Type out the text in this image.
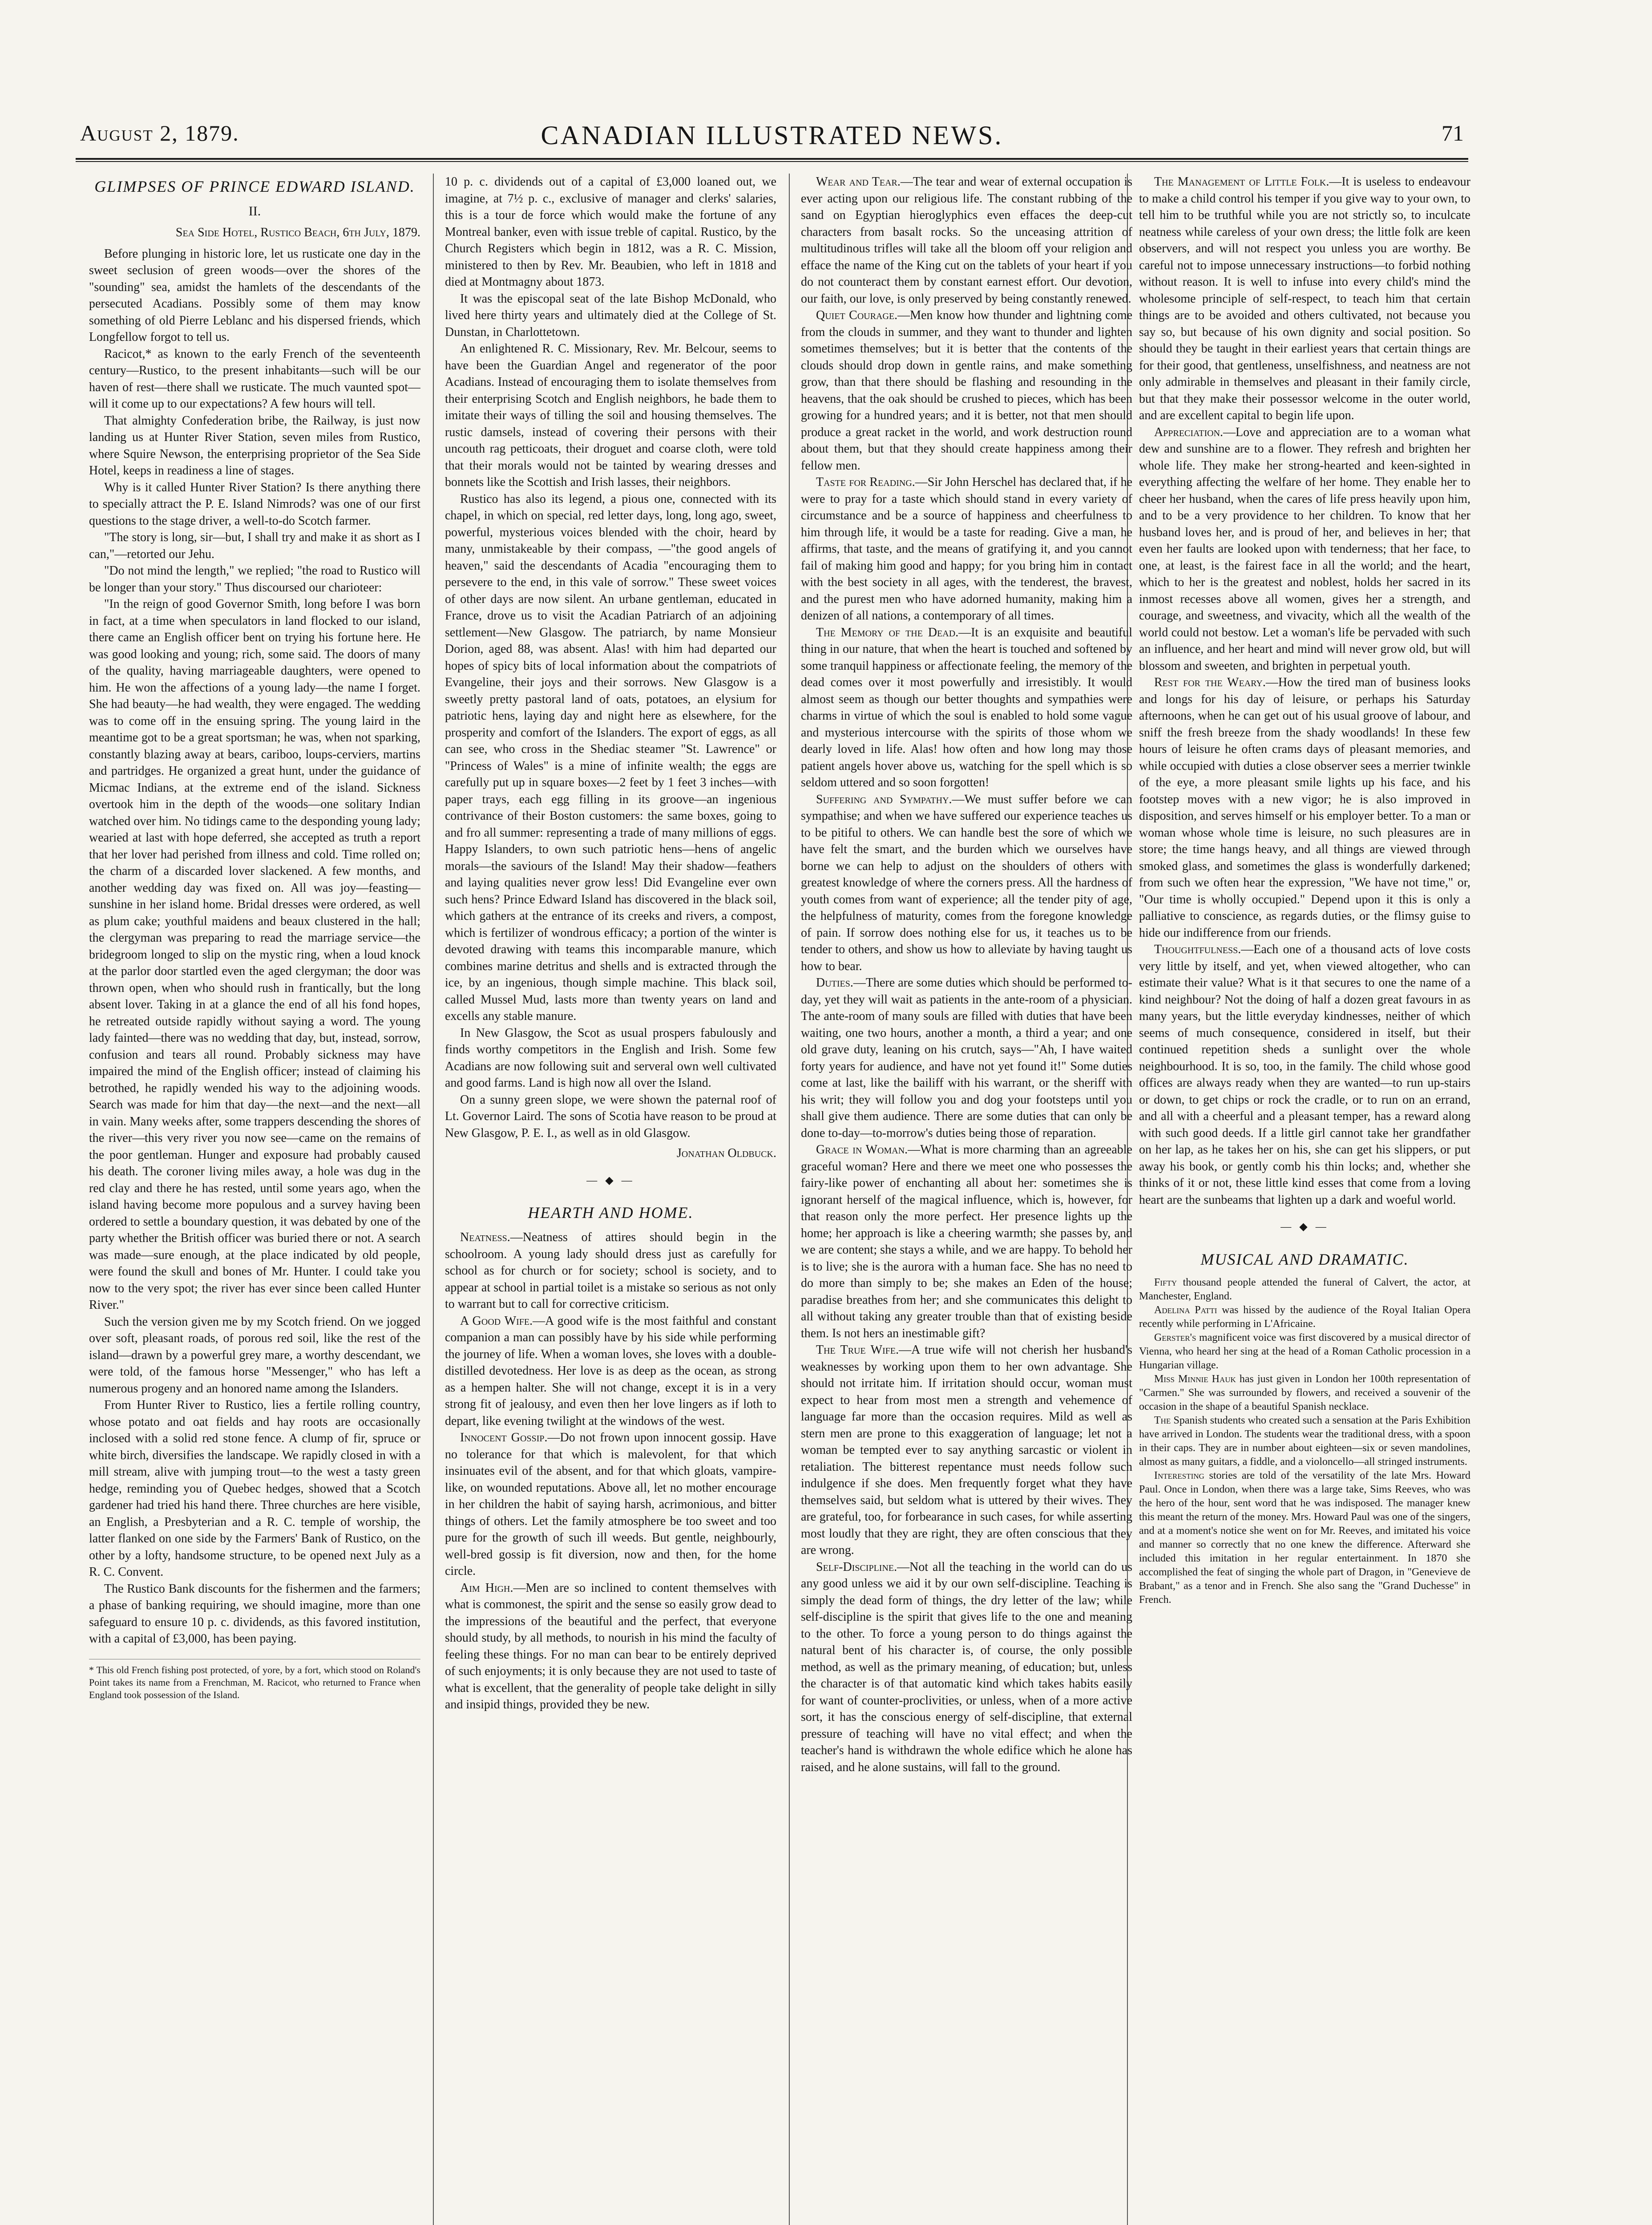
August 2, 1879.	CANADIAN ILLUSTRATED NEWS.	71
GLIMPSES OF PRINCE EDWARD ISLAND.
II.
Sea Side Hotel, Rustico Beach, 6th July, 1879.

Before plunging in historic lore, let us rusticate one day in the sweet seclusion of green woods—over the shores of the "sounding" sea, amidst the hamlets of the descendants of the persecuted Acadians. Possibly some of them may know something of old Pierre Leblanc and his dispersed friends, which Longfellow forgot to tell us.

Racicot,* as known to the early French of the seventeenth century—Rustico, to the present inhabitants—such will be our haven of rest—there shall we rusticate. The much vaunted spot—will it come up to our expectations? A few hours will tell.

That almighty Confederation bribe, the Railway, is just now landing us at Hunter River Station, seven miles from Rustico, where Squire Newson, the enterprising proprietor of the Sea Side Hotel, keeps in readiness a line of stages.

Why is it called Hunter River Station? Is there anything there to specially attract the P. E. Island Nimrods? was one of our first questions to the stage driver, a well-to-do Scotch farmer.

"The story is long, sir—but, I shall try and make it as short as I can,"—retorted our Jehu.

"Do not mind the length," we replied; "the road to Rustico will be longer than your story." Thus discoursed our charioteer:

"In the reign of good Governor Smith, long before I was born in fact, at a time when speculators in land flocked to our island, there came an English officer bent on trying his fortune here. He was good looking and young; rich, some said. The doors of many of the quality, having marriageable daughters, were opened to him. He won the affections of a young lady—the name I forget. She had beauty—he had wealth, they were engaged. The wedding was to come off in the ensuing spring. The young laird in the meantime got to be a great sportsman; he was, when not sparking, constantly blazing away at bears, cariboo, loups-cerviers, martins and partridges. He organized a great hunt, under the guidance of Micmac Indians, at the extreme end of the island. Sickness overtook him in the depth of the woods—one solitary Indian watched over him. No tidings came to the desponding young lady; wearied at last with hope deferred, she accepted as truth a report that her lover had perished from illness and cold. Time rolled on; the charm of a discarded lover slackened. A few months, and another wedding day was fixed on. All was joy—feasting—sunshine in her island home. Bridal dresses were ordered, as well as plum cake; youthful maidens and beaux clustered in the hall; the clergyman was preparing to read the marriage service—the bridegroom longed to slip on the mystic ring, when a loud knock at the parlor door startled even the aged clergyman; the door was thrown open, when who should rush in frantically, but the long absent lover. Taking in at a glance the end of all his fond hopes, he retreated outside rapidly without saying a word. The young lady fainted—there was no wedding that day, but, instead, sorrow, confusion and tears all round. Probably sickness may have impaired the mind of the English officer; instead of claiming his betrothed, he rapidly wended his way to the adjoining woods. Search was made for him that day—the next—and the next—all in vain. Many weeks after, some trappers descending the shores of the river—this very river you now see—came on the remains of the poor gentleman. Hunger and exposure had probably caused his death. The coroner living miles away, a hole was dug in the red clay and there he has rested, until some years ago, when the island having become more populous and a survey having been ordered to settle a boundary question, it was debated by one of the party whether the British officer was buried there or not. A search was made—sure enough, at the place indicated by old people, were found the skull and bones of Mr. Hunter. I could take you now to the very spot; the river has ever since been called Hunter River."

Such the version given me by my Scotch friend. On we jogged over soft, pleasant roads, of porous red soil, like the rest of the island—drawn by a powerful grey mare, a worthy descendant, we were told, of the famous horse "Messenger," who has left a numerous progeny and an honored name among the Islanders.

From Hunter River to Rustico, lies a fertile rolling country, whose potato and oat fields and hay roots are occasionally inclosed with a solid red stone fence. A clump of fir, spruce or white birch, diversifies the landscape. We rapidly closed in with a mill stream, alive with jumping trout—to the west a tasty green hedge, reminding you of Quebec hedges, showed that a Scotch gardener had tried his hand there. Three churches are here visible, an English, a Presbyterian and a R. C. temple of worship, the latter flanked on one side by the Farmers' Bank of Rustico, on the other by a lofty, handsome structure, to be opened next July as a R. C. Convent.

The Rustico Bank discounts for the fishermen and the farmers; a phase of banking requiring, we should imagine, more than one safeguard to ensure 10 p. c. dividends, as this favored institution, with a capital of £3,000, has been paying.

* This old French fishing post protected, of yore, by a fort, which stood on Roland's Point takes its name from a Frenchman, M. Racicot, who returned to France when England took possession of the Island.

10 p. c. dividends out of a capital of £3,000 loaned out, we imagine, at 7½ p. c., exclusive of manager and clerks' salaries, this is a tour de force which would make the fortune of any Montreal banker, even with issue treble of capital. Rustico, by the Church Registers which begin in 1812, was a R. C. Mission, ministered to then by Rev. Mr. Beaubien, who left in 1818 and died at Montmagny about 1873.

It was the episcopal seat of the late Bishop McDonald, who lived here thirty years and ultimately died at the College of St. Dunstan, in Charlottetown.

An enlightened R. C. Missionary, Rev. Mr. Belcour, seems to have been the Guardian Angel and regenerator of the poor Acadians. Instead of encouraging them to isolate themselves from their enterprising Scotch and English neighbors, he bade them to imitate their ways of tilling the soil and housing themselves. The rustic damsels, instead of covering their persons with their uncouth rag petticoats, their droguet and coarse cloth, were told that their morals would not be tainted by wearing dresses and bonnets like the Scottish and Irish lasses, their neighbors.

Rustico has also its legend, a pious one, connected with its chapel, in which on special, red letter days, long, long ago, sweet, powerful, mysterious voices blended with the choir, heard by many, unmistakeable by their compass, —"the good angels of heaven," said the descendants of Acadia "encouraging them to persevere to the end, in this vale of sorrow." These sweet voices of other days are now silent. An urbane gentleman, educated in France, drove us to visit the Acadian Patriarch of an adjoining settlement—New Glasgow. The patriarch, by name Monsieur Dorion, aged 88, was absent. Alas! with him had departed our hopes of spicy bits of local information about the compatriots of Evangeline, their joys and their sorrows. New Glasgow is a sweetly pretty pastoral land of oats, potatoes, an elysium for patriotic hens, laying day and night here as elsewhere, for the prosperity and comfort of the Islanders. The export of eggs, as all can see, who cross in the Shediac steamer "St. Lawrence" or "Princess of Wales" is a mine of infinite wealth; the eggs are carefully put up in square boxes—2 feet by 1 feet 3 inches—with paper trays, each egg filling in its groove—an ingenious contrivance of their Boston customers: the same boxes, going to and fro all summer: representing a trade of many millions of eggs. Happy Islanders, to own such patriotic hens—hens of angelic morals—the saviours of the Island! May their shadow—feathers and laying qualities never grow less! Did Evangeline ever own such hens? Prince Edward Island has discovered in the black soil, which gathers at the entrance of its creeks and rivers, a compost, which is fertilizer of wondrous efficacy; a portion of the winter is devoted drawing with teams this incomparable manure, which combines marine detritus and shells and is extracted through the ice, by an ingenious, though simple machine. This black soil, called Mussel Mud, lasts more than twenty years on land and excells any stable manure.

In New Glasgow, the Scot as usual prospers fabulously and finds worthy competitors in the English and Irish. Some few Acadians are now following suit and serveral own well cultivated and good farms. Land is high now all over the Island.

On a sunny green slope, we were shown the paternal roof of Lt. Governor Laird. The sons of Scotia have reason to be proud at New Glasgow, P. E. I., as well as in old Glasgow.

Jonathan Oldbuck.
— ◆ —
HEARTH AND HOME.

Neatness.—Neatness of attires should begin in the schoolroom. A young lady should dress just as carefully for school as for church or for society; school is society, and to appear at school in partial toilet is a mistake so serious as not only to warrant but to call for corrective criticism.

A Good Wife.—A good wife is the most faithful and constant companion a man can possibly have by his side while performing the journey of life. When a woman loves, she loves with a double-distilled devotedness. Her love is as deep as the ocean, as strong as a hempen halter. She will not change, except it is in a very strong fit of jealousy, and even then her love lingers as if loth to depart, like evening twilight at the windows of the west.

Innocent Gossip.—Do not frown upon innocent gossip. Have no tolerance for that which is malevolent, for that which insinuates evil of the absent, and for that which gloats, vampire-like, on wounded reputations. Above all, let no mother encourage in her children the habit of saying harsh, acrimonious, and bitter things of others. Let the family atmosphere be too sweet and too pure for the growth of such ill weeds. But gentle, neighbourly, well-bred gossip is fit diversion, now and then, for the home circle.

Aim High.—Men are so inclined to content themselves with what is commonest, the spirit and the sense so easily grow dead to the impressions of the beautiful and the perfect, that everyone should study, by all methods, to nourish in his mind the faculty of feeling these things. For no man can bear to be entirely deprived of such enjoyments; it is only because they are not used to taste of what is excellent, that the generality of people take delight in silly and insipid things, provided they be new.

Wear and Tear.—The tear and wear of external occupation is ever acting upon our religious life. The constant rubbing of the sand on Egyptian hieroglyphics even effaces the deep-cut characters from basalt rocks. So the unceasing attrition of multitudinous trifles will take all the bloom off your religion and efface the name of the King cut on the tablets of your heart if you do not counteract them by constant earnest effort. Our devotion, our faith, our love, is only preserved by being constantly renewed.

Quiet Courage.—Men know how thunder and lightning come from the clouds in summer, and they want to thunder and lighten sometimes themselves; but it is better that the contents of the clouds should drop down in gentle rains, and make something grow, than that there should be flashing and resounding in the heavens, that the oak should be crushed to pieces, which has been growing for a hundred years; and it is better, not that men should produce a great racket in the world, and work destruction round about them, but that they should create happiness among their fellow men.

Taste for Reading.—Sir John Herschel has declared that, if he were to pray for a taste which should stand in every variety of circumstance and be a source of happiness and cheerfulness to him through life, it would be a taste for reading. Give a man, he affirms, that taste, and the means of gratifying it, and you cannot fail of making him good and happy; for you bring him in contact with the best society in all ages, with the tenderest, the bravest, and the purest men who have adorned humanity, making him a denizen of all nations, a contemporary of all times.

The Memory of the Dead.—It is an exquisite and beautiful thing in our nature, that when the heart is touched and softened by some tranquil happiness or affectionate feeling, the memory of the dead comes over it most powerfully and irresistibly. It would almost seem as though our better thoughts and sympathies were charms in virtue of which the soul is enabled to hold some vague and mysterious intercourse with the spirits of those whom we dearly loved in life. Alas! how often and how long may those patient angels hover above us, watching for the spell which is so seldom uttered and so soon forgotten!

Suffering and Sympathy.—We must suffer before we can sympathise; and when we have suffered our experience teaches us to be pitiful to others. We can handle best the sore of which we have felt the smart, and the burden which we ourselves have borne we can help to adjust on the shoulders of others with greatest knowledge of where the corners press. All the hardness of youth comes from want of experience; all the tender pity of age, the helpfulness of maturity, comes from the foregone knowledge of pain. If sorrow does nothing else for us, it teaches us to be tender to others, and show us how to alleviate by having taught us how to bear.

Duties.—There are some duties which should be performed to-day, yet they will wait as patients in the ante-room of a physician. The ante-room of many souls are filled with duties that have been waiting, one two hours, another a month, a third a year; and one old grave duty, leaning on his crutch, says—"Ah, I have waited forty years for audience, and have not yet found it!" Some duties come at last, like the bailiff with his warrant, or the sheriff with his writ; they will follow you and dog your footsteps until you shall give them audience. There are some duties that can only be done to-day—to-morrow's duties being those of reparation.

Grace in Woman.—What is more charming than an agreeable graceful woman? Here and there we meet one who possesses the fairy-like power of enchanting all about her: sometimes she is ignorant herself of the magical influence, which is, however, for that reason only the more perfect. Her presence lights up the home; her approach is like a cheering warmth; she passes by, and we are content; she stays a while, and we are happy. To behold her is to live; she is the aurora with a human face. She has no need to do more than simply to be; she makes an Eden of the house; paradise breathes from her; and she communicates this delight to all without taking any greater trouble than that of existing beside them. Is not hers an inestimable gift?

The True Wife.—A true wife will not cherish her husband's weaknesses by working upon them to her own advantage. She should not irritate him. If irritation should occur, woman must expect to hear from most men a strength and vehemence of language far more than the occasion requires. Mild as well as stern men are prone to this exaggeration of language; let not a woman be tempted ever to say anything sarcastic or violent in retaliation. The bitterest repentance must needs follow such indulgence if she does. Men frequently forget what they have themselves said, but seldom what is uttered by their wives. They are grateful, too, for forbearance in such cases, for while asserting most loudly that they are right, they are often conscious that they are wrong.

Self-Discipline.—Not all the teaching in the world can do us any good unless we aid it by our own self-discipline. Teaching is simply the dead form of things, the dry letter of the law; while self-discipline is the spirit that gives life to the one and meaning to the other. To force a young person to do things against the natural bent of his character is, of course, the only possible method, as well as the primary meaning, of education; but, unless the character is of that automatic kind which takes habits easily for want of counter-proclivities, or unless, when of a more active sort, it has the conscious energy of self-discipline, that external pressure of teaching will have no vital effect; and when the teacher's hand is withdrawn the whole edifice which he alone has raised, and he alone sustains, will fall to the ground.

The Management of Little Folk.—It is useless to endeavour to make a child control his temper if you give way to your own, to tell him to be truthful while you are not strictly so, to inculcate neatness while careless of your own dress; the little folk are keen observers, and will not respect you unless you are worthy. Be careful not to impose unnecessary instructions—to forbid nothing without reason. It is well to infuse into every child's mind the wholesome principle of self-respect, to teach him that certain things are to be avoided and others cultivated, not because you say so, but because of his own dignity and social position. So should they be taught in their earliest years that certain things are for their good, that gentleness, unselfishness, and neatness are not only admirable in themselves and pleasant in their family circle, but that they make their possessor welcome in the outer world, and are excellent capital to begin life upon.

Appreciation.—Love and appreciation are to a woman what dew and sunshine are to a flower. They refresh and brighten her whole life. They make her strong-hearted and keen-sighted in everything affecting the welfare of her home. They enable her to cheer her husband, when the cares of life press heavily upon him, and to be a very providence to her children. To know that her husband loves her, and is proud of her, and believes in her; that even her faults are looked upon with tenderness; that her face, to one, at least, is the fairest face in all the world; and the heart, which to her is the greatest and noblest, holds her sacred in its inmost recesses above all women, gives her a strength, and courage, and sweetness, and vivacity, which all the wealth of the world could not bestow. Let a woman's life be pervaded with such an influence, and her heart and mind will never grow old, but will blossom and sweeten, and brighten in perpetual youth.

Rest for the Weary.—How the tired man of business looks and longs for his day of leisure, or perhaps his Saturday afternoons, when he can get out of his usual groove of labour, and sniff the fresh breeze from the shady woodlands! In these few hours of leisure he often crams days of pleasant memories, and while occupied with duties a close observer sees a merrier twinkle of the eye, a more pleasant smile lights up his face, and his footstep moves with a new vigor; he is also improved in disposition, and serves himself or his employer better. To a man or woman whose whole time is leisure, no such pleasures are in store; the time hangs heavy, and all things are viewed through smoked glass, and sometimes the glass is wonderfully darkened; from such we often hear the expression, "We have not time," or, "Our time is wholly occupied." Depend upon it this is only a palliative to conscience, as regards duties, or the flimsy guise to hide our indifference from our friends.

Thoughtfulness.—Each one of a thousand acts of love costs very little by itself, and yet, when viewed altogether, who can estimate their value? What is it that secures to one the name of a kind neighbour? Not the doing of half a dozen great favours in as many years, but the little everyday kindnesses, neither of which seems of much consequence, considered in itself, but their continued repetition sheds a sunlight over the whole neighbourhood. It is so, too, in the family. The child whose good offices are always ready when they are wanted—to run up-stairs or down, to get chips or rock the cradle, or to run on an errand, and all with a cheerful and a pleasant temper, has a reward along with such good deeds. If a little girl cannot take her grandfather on her lap, as he takes her on his, she can get his slippers, or put away his book, or gently comb his thin locks; and, whether she thinks of it or not, these little kind esses that come from a loving heart are the sunbeams that lighten up a dark and woeful world.

— ◆ —
MUSICAL AND DRAMATIC.

Fifty thousand people attended the funeral of Calvert, the actor, at Manchester, England.

Adelina Patti was hissed by the audience of the Royal Italian Opera recently while performing in L'Africaine.

Gerster's magnificent voice was first discovered by a musical director of Vienna, who heard her sing at the head of a Roman Catholic procession in a Hungarian village.

Miss Minnie Hauk has just given in London her 100th representation of "Carmen." She was surrounded by flowers, and received a souvenir of the occasion in the shape of a beautiful Spanish necklace.

The Spanish students who created such a sensation at the Paris Exhibition have arrived in London. The students wear the traditional dress, with a spoon in their caps. They are in number about eighteen—six or seven mandolines, almost as many guitars, a fiddle, and a violoncello—all stringed instruments.

Interesting stories are told of the versatility of the late Mrs. Howard Paul. Once in London, when there was a large take, Sims Reeves, who was the hero of the hour, sent word that he was indisposed. The manager knew this meant the return of the money. Mrs. Howard Paul was one of the singers, and at a moment's notice she went on for Mr. Reeves, and imitated his voice and manner so correctly that no one knew the difference. Afterward she included this imitation in her regular entertainment. In 1870 she accomplished the feat of singing the whole part of Dragon, in "Genevieve de Brabant," as a tenor and in French. She also sang the "Grand Duchesse" in French.
